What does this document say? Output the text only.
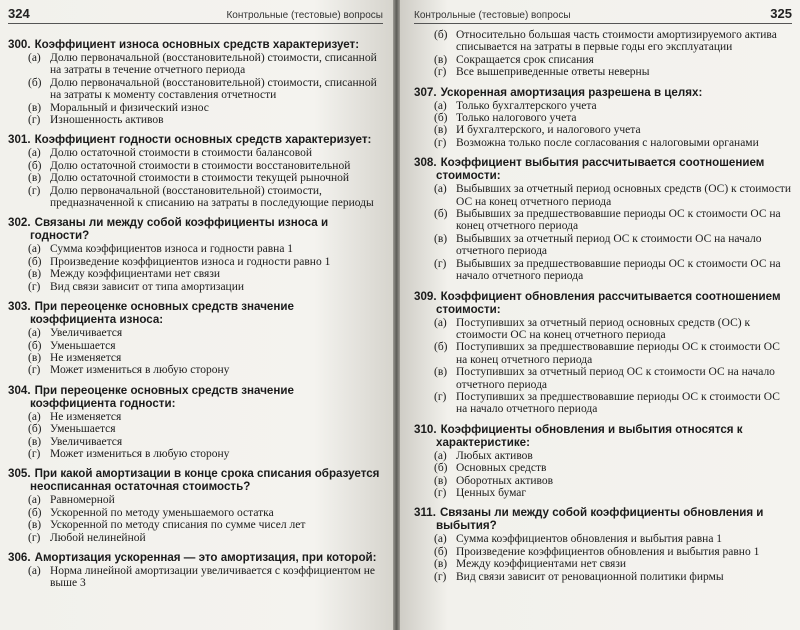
324	Контрольные (тестовые) вопросы
300. Коэффициент износа основных средств характеризует:
(а) Долю первоначальной (восстановительной) стоимости, списанной на затраты в течение отчетного периода
(б) Долю первоначальной (восстановительной) стоимости, списанной на затраты к моменту составления отчетности
(в) Моральный и физический износ
(г) Изношенность активов
301. Коэффициент годности основных средств характеризует:
(а) Долю остаточной стоимости в стоимости балансовой
(б) Долю остаточной стоимости в стоимости восстановительной
(в) Долю остаточной стоимости в стоимости текущей рыночной
(г) Долю первоначальной (восстановительной) стоимости, предназначенной к списанию на затраты в последующие периоды
302. Связаны ли между собой коэффициенты износа и годности?
(а) Сумма коэффициентов износа и годности равна 1
(б) Произведение коэффициентов износа и годности равно 1
(в) Между коэффициентами нет связи
(г) Вид связи зависит от типа амортизации
303. При переоценке основных средств значение коэффициента износа:
(а) Увеличивается
(б) Уменьшается
(в) Не изменяется
(г) Может измениться в любую сторону
304. При переоценке основных средств значение коэффициента годности:
(а) Не изменяется
(б) Уменьшается
(в) Увеличивается
(г) Может измениться в любую сторону
305. При какой амортизации в конце срока списания образуется неосписанная остаточная стоимость?
(а) Равномерной
(б) Ускоренной по методу уменьшаемого остатка
(в) Ускоренной по методу списания по сумме чисел лет
(г) Любой нелинейной
306. Амортизация ускоренная — это амортизация, при которой:
(а) Норма линейной амортизации увеличивается с коэффициентом не выше 3
Контрольные (тестовые) вопросы	325
(б) Относительно большая часть стоимости амортизируемого актива списывается на затраты в первые годы его эксплуатации
(в) Сокращается срок списания
(г) Все вышеприведенные ответы неверны
307. Ускоренная амортизация разрешена в целях:
(а) Только бухгалтерского учета
(б) Только налогового учета
(в) И бухгалтерского, и налогового учета
(г) Возможна только после согласования с налоговыми органами
308. Коэффициент выбытия рассчитывается соотношением стоимости:
(а) Выбывших за отчетный период основных средств (ОС) к стоимости ОС на конец отчетного периода
(б) Выбывших за предшествовавшие периоды ОС к стоимости ОС на конец отчетного периода
(в) Выбывших за отчетный период ОС к стоимости ОС на начало отчетного периода
(г) Выбывших за предшествовавшие периоды ОС к стоимости ОС на начало отчетного периода
309. Коэффициент обновления рассчитывается соотношением стоимости:
(а) Поступивших за отчетный период основных средств (ОС) к стоимости ОС на конец отчетного периода
(б) Поступивших за предшествовавшие периоды ОС к стоимости ОС на конец отчетного периода
(в) Поступивших за отчетный период ОС к стоимости ОС на начало отчетного периода
(г) Поступивших за предшествовавшие периоды ОС к стоимости ОС на начало отчетного периода
310. Коэффициенты обновления и выбытия относятся к характеристике:
(а) Любых активов
(б) Основных средств
(в) Оборотных активов
(г) Ценных бумаг
311. Связаны ли между собой коэффициенты обновления и выбытия?
(а) Сумма коэффициентов обновления и выбытия равна 1
(б) Произведение коэффициентов обновления и выбытия равно 1
(в) Между коэффициентами нет связи
(г) Вид связи зависит от реновационной политики фирмы
